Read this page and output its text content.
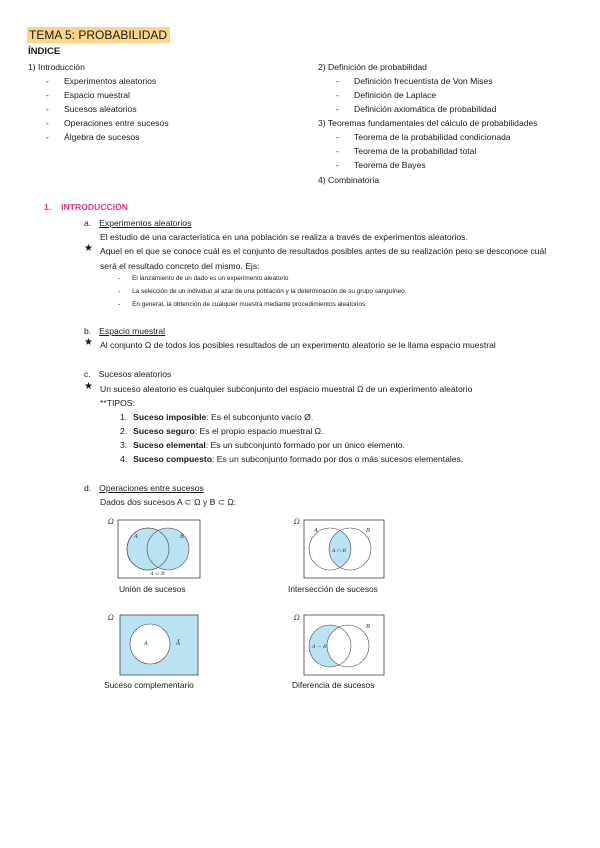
TEMA 5: PROBABILIDAD
ÍNDICE
1) Introducción
- Experimentos aleatorios
- Espacio muestral
- Sucesos aleatorios
- Operaciones entre sucesos
- Álgebra de sucesos
2) Definición de probabilidad
- Definición frecuentista de Von Mises
- Definición de Laplace
- Definición axiomática de probabilidad
3) Teoremas fundamentales del cálculo de probabilidades
- Teorema de la probabilidad condicionada
- Teorema de la probabilidad total
- Teorema de Bayes
4) Combinatoria
1. INTRODUCCIÓN
a. Experimentos aleatorios
El estudio de una característica en una población se realiza a través de experimentos aleatorios.
★ Aquel en el que se conoce cuál es el conjunto de resultados posibles antes de su realización pero se desconoce cuál
será el resultado concreto del mismo. Ejs:
- El lanzamiento de un dado es un experimento aleatorio
- La selección de un individuo al azar de una población y la determinación de su grupo sanguíneo.
- En general, la obtención de cualquier muestra mediante procedimientos aleatorios.
b. Espacio muestral
★ Al conjunto Ω de todos los posibles resultados de un experimento aleatorio se le llama espacio muestral
c. Sucesos aleatorios
★ Un suceso aleatorio es cualquier subconjunto del espacio muestral Ω de un experimento aleatorio
**TIPOS:
1. Suceso imposible: Es el subconjunto vacío Ø.
2. Suceso seguro: Es el propio espacio muestral Ω.
3. Suceso elemental: Es un subconjunto formado por un único elemento.
4. Suceso compuesto: Es un subconjunto formado por dos o más sucesos elementales.
d. Operaciones entre sucesos
Dados dos sucesos A ⊂ Ω y B ⊂ Ω:
Ω
A	B
A ∪ B
Unión de sucesos
Ω
A	B
A ∩ B
Intersección de sucesos
Ω
A	Ā
Suceso complementario
Ω
B
A − B
Diferencia de sucesos
